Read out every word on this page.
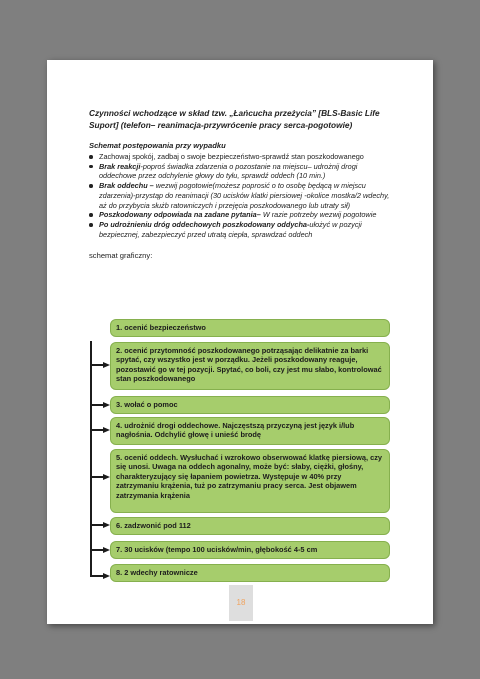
Czynności wchodzące w skład tzw. „Łańcucha przeżycia” [BLS-Basic Life Suport] (telefon– reanimacja-przywrócenie pracy serca-pogotowie)

Schemat postępowania przy wypadku

Zachowaj spokój, zadbaj o swoje bezpieczeństwo-sprawdź stan poszkodowanego
Brak reakcji-poproś świadka zdarzenia o pozostanie na miejscu– udrożnij drogi oddechowe przez odchylenie głowy do tyłu, sprawdź oddech (10 min.)
Brak oddechu – wezwij pogotowie(możesz poprosić o to osobę będącą w miejscu zdarzenia)-przystąp do reanimacji (30 ucisków klatki piersiowej -okolice mostka/2 wdechy, aż do przybycia służb ratowniczych i przejęcia poszkodowanego lub utraty sił)
Poszkodowany odpowiada na zadane pytania– W razie potrzeby wezwij pogotowie
Po udrożnieniu dróg oddechowych poszkodowany oddycha-ułożyć w pozycji bezpiecznej, zabezpieczyć przed utratą ciepła, sprawdzać oddech

schemat graficzny:

1. ocenić bezpieczeństwo
2. ocenić przytomność poszkodowanego potrząsając delikatnie za barki spytać, czy wszystko jest w porządku. Jeżeli poszkodowany reaguje, pozostawić go w tej pozycji. Spytać, co boli, czy jest mu słabo, kontrolować stan poszkodowanego
3. wołać o pomoc
4. udrożnić drogi oddechowe. Najczęstszą przyczyną jest język i/lub nagłośnia. Odchylić głowę i unieść brodę
5. ocenić oddech. Wysłuchać i wzrokowo obserwować klatkę piersiową, czy się unosi. Uwaga na oddech agonalny, może być: słaby, ciężki, głośny, charakteryzujący się łapaniem powietrza. Występuje w 40% przy zatrzymaniu krążenia, tuż po zatrzymaniu pracy serca. Jest objawem zatrzymania krążenia
6. zadzwonić pod 112
7. 30 ucisków (tempo 100 ucisków/min, głębokość 4-5 cm
8. 2 wdechy ratownicze
18
